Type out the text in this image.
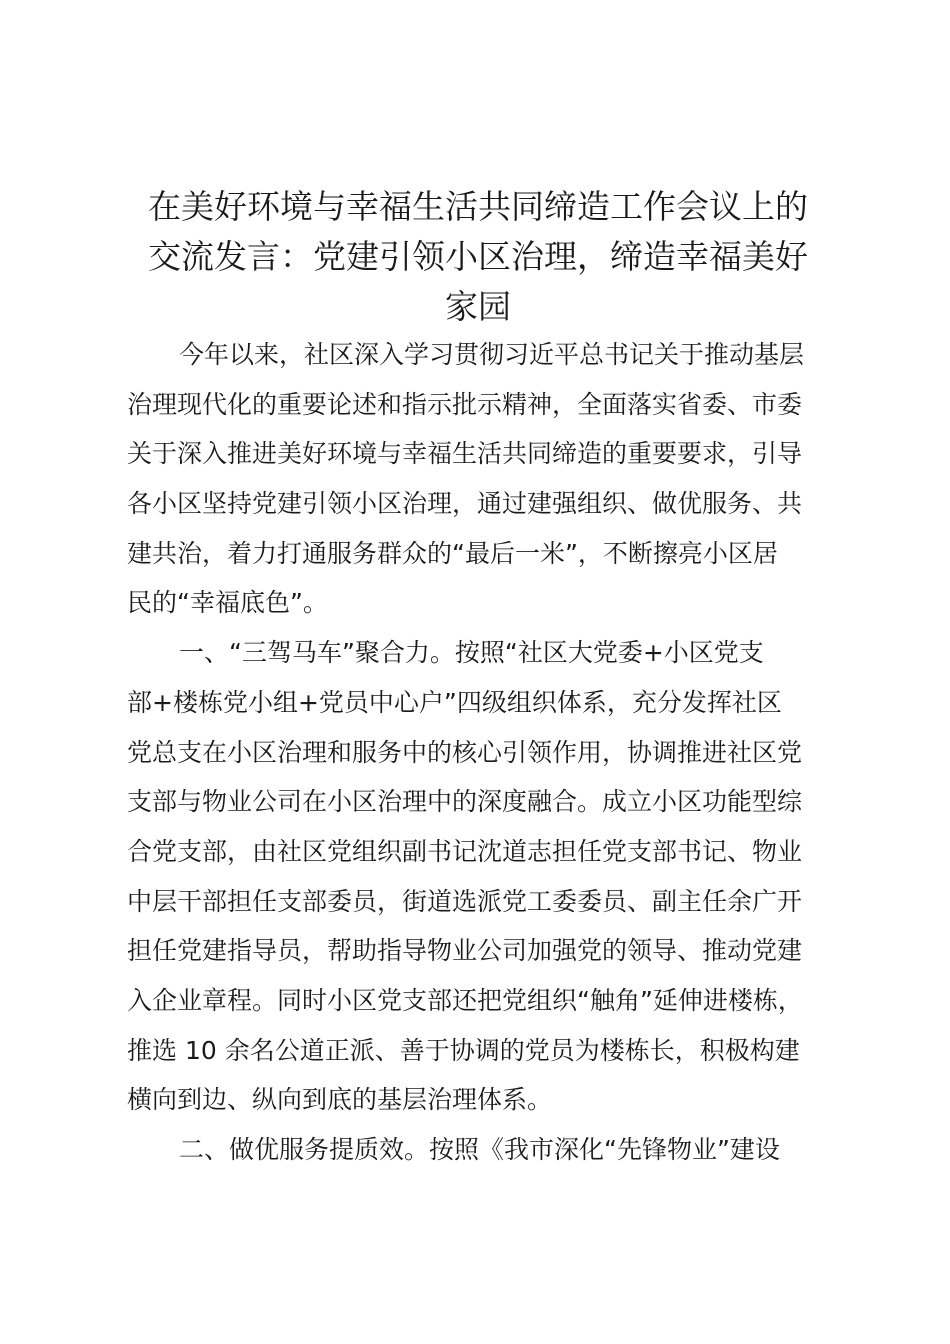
在美好环境与幸福生活共同缔造工作会议上的
交流发言：党建引领小区治理，缔造幸福美好
家园
今年以来，社区深入学习贯彻习近平总书记关于推动基层
治理现代化的重要论述和指示批示精神，全面落实省委、市委
关于深入推进美好环境与幸福生活共同缔造的重要要求，引导
各小区坚持党建引领小区治理，通过建强组织、做优服务、共
建共治，着力打通服务群众的“最后一米”，不断擦亮小区居
民的“幸福底色”。
一、“三驾马车”聚合力。按照“社区大党委+小区党支
部+楼栋党小组+党员中心户”四级组织体系，充分发挥社区
党总支在小区治理和服务中的核心引领作用，协调推进社区党
支部与物业公司在小区治理中的深度融合。成立小区功能型综
合党支部，由社区党组织副书记沈道志担任党支部书记、物业
中层干部担任支部委员，街道选派党工委委员、副主任余广开
担任党建指导员，帮助指导物业公司加强党的领导、推动党建
入企业章程。同时小区党支部还把党组织“触角”延伸进楼栋，
推选 10 余名公道正派、善于协调的党员为楼栋长，积极构建
横向到边、纵向到底的基层治理体系。
二、做优服务提质效。按照《我市深化“先锋物业”建设
